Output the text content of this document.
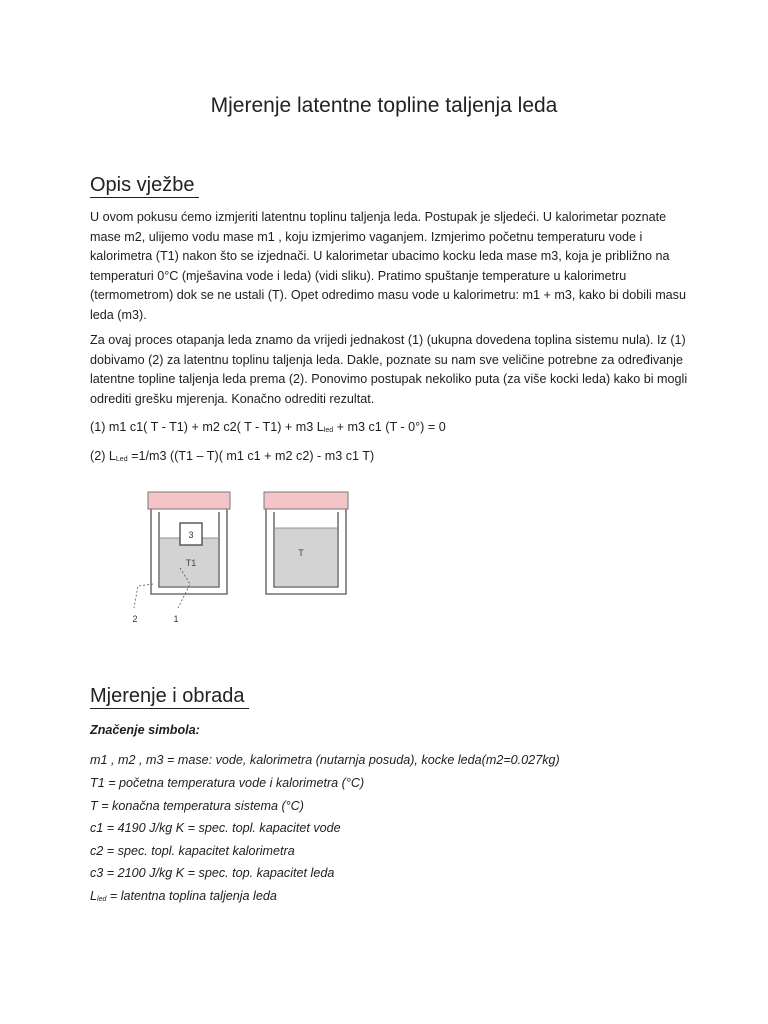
Mjerenje latentne topline taljenja leda
Opis vježbe

U ovom pokusu ćemo izmjeriti latentnu toplinu taljenja leda. Postupak je sljedeći. U kalorimetar poznate mase m2, ulijemo vodu mase m1 , koju izmjerimo vaganjem. Izmjerimo početnu temperaturu vode i kalorimetra (T1) nakon što se izjednači. U kalorimetar ubacimo kocku leda mase m3, koja je približno na temperaturi 0°C (mješavina vode i leda) (vidi sliku). Pratimo spuštanje temperature u kalorimetru (termometrom) dok se ne ustali (T). Opet odredimo masu vode u kalorimetru: m1 + m3, kako bi dobili masu leda (m3).

Za ovaj proces otapanja leda znamo da vrijedi jednakost (1) (ukupna dovedena toplina sistemu nula). Iz (1) dobivamo (2) za latentnu toplinu taljenja leda. Dakle, poznate su nam sve veličine potrebne za određivanje latentne topline taljenja leda prema (2). Ponovimo postupak nekoliko puta (za više kocki leda) kako bi mogli odrediti grešku mjerenja. Konačno odrediti rezultat.

(1) m1 c1( T - T1) + m2 c2( T - T1) + m3 Lled + m3 c1 (T - 0°) = 0

(2) LLed =1/m3 ((T1 – T)( m1 c1 + m2 c2) - m3 c1 T)

3
T1
2	1
T
Mjerenje i obrada

Značenje simbola:

m1 , m2 , m3 = mase: vode, kalorimetra (nutarnja posuda), kocke leda(m2=0.027kg)

T1 = početna temperatura vode i kalorimetra (°C)

T = konačna temperatura sistema (°C)

c1 = 4190 J/kg K = spec. topl. kapacitet vode

c2 = spec. topl. kapacitet kalorimetra

c3 = 2100 J/kg K = spec. top. kapacitet leda

Lled = latentna toplina taljenja leda
